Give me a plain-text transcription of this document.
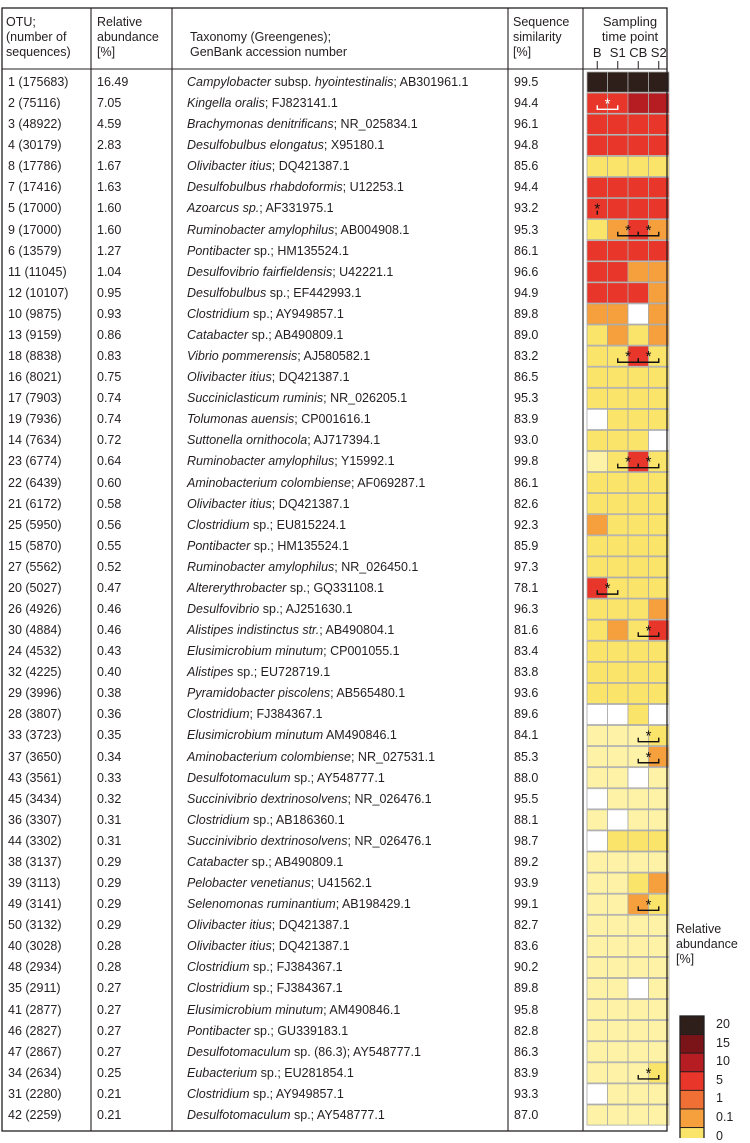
*
*
* *
* *
* *
*
*
*
*
*
*
OTU;
(number of
sequences)
Relative
abundance
[%]
Taxonomy (Greengenes);
GenBank accession number
Sequence
similarity
[%]
Sampling
time point
B S1 CB S2
1 (175683) 16.49	Campylobacter subsp. hyointestinalis; AB301961.1	99.5
2 (75116)	7.05	Kingella oralis; FJ823141.1	94.4
3 (48922)	4.59	Brachymonas denitrificans; NR_025834.1	96.1
4 (30179)	2.83	Desulfobulbus elongatus; X95180.1	94.8
8 (17786)	1.67	Olivibacter itius; DQ421387.1	85.6
7 (17416)	1.63	Desulfobulbus rhabdoformis; U12253.1	94.4
5 (17000)	1.60	Azoarcus sp.; AF331975.1	93.2
9 (17000)	1.60	Ruminobacter amylophilus; AB004908.1	95.3
6 (13579)	1.27	Pontibacter sp.; HM135524.1	86.1
11 (11045) 1.04	Desulfovibrio fairfieldensis; U42221.1	96.6
12 (10107) 0.95	Desulfobulbus sp.; EF442993.1	94.9
10 (9875)	0.93	Clostridium sp.; AY949857.1	89.8
13 (9159)	0.86	Catabacter sp.; AB490809.1	89.0
18 (8838)	0.83	Vibrio pommerensis; AJ580582.1	83.2
16 (8021)	0.75	Olivibacter itius; DQ421387.1	86.5
17 (7903)	0.74	Succiniclasticum ruminis; NR_026205.1	95.3
19 (7936)	0.74	Tolumonas auensis; CP001616.1	83.9
14 (7634)	0.72	Suttonella ornithocola; AJ717394.1	93.0
23 (6774)	0.64	Ruminobacter amylophilus; Y15992.1	99.8
22 (6439)	0.60	Aminobacterium colombiense; AF069287.1	86.1
21 (6172)	0.58	Olivibacter itius; DQ421387.1	82.6
25 (5950)	0.56	Clostridium sp.; EU815224.1	92.3
15 (5870)	0.55	Pontibacter sp.; HM135524.1	85.9
27 (5562)	0.52	Ruminobacter amylophilus; NR_026450.1	97.3
20 (5027)	0.47	Altererythrobacter sp.; GQ331108.1	78.1
26 (4926)	0.46	Desulfovibrio sp.; AJ251630.1	96.3
30 (4884)	0.46	Alistipes indistinctus str.; AB490804.1	81.6
24 (4532)	0.43	Elusimicrobium minutum; CP001055.1	83.4
32 (4225)	0.40	Alistipes sp.; EU728719.1	83.8
29 (3996)	0.38	Pyramidobacter piscolens; AB565480.1	93.6
28 (3807)	0.36	Clostridium; FJ384367.1	89.6
33 (3723)	0.35	Elusimicrobium minutum AM490846.1	84.1
37 (3650)	0.34	Aminobacterium colombiense; NR_027531.1	85.3
43 (3561)	0.33	Desulfotomaculum sp.; AY548777.1	88.0
45 (3434)	0.32	Succinivibrio dextrinosolvens; NR_026476.1	95.5
36 (3307)	0.31	Clostridium sp.; AB186360.1	88.1
44 (3302)	0.31	Succinivibrio dextrinosolvens; NR_026476.1	98.7
38 (3137)	0.29	Catabacter sp.; AB490809.1	89.2
39 (3113)	0.29	Pelobacter venetianus; U41562.1	93.9
49 (3141)	0.29	Selenomonas ruminantium; AB198429.1	99.1
50 (3132)	0.29	Olivibacter itius; DQ421387.1	82.7
40 (3028)	0.28	Olivibacter itius; DQ421387.1	83.6
48 (2934)	0.28	Clostridium sp.; FJ384367.1	90.2
35 (2911)	0.27	Clostridium sp.; FJ384367.1	89.8
41 (2877)	0.27	Elusimicrobium minutum; AM490846.1	95.8
46 (2827)	0.27	Pontibacter sp.; GU339183.1	82.8
47 (2867)	0.27	Desulfotomaculum sp. (86.3); AY548777.1	86.3
34 (2634)	0.25	Eubacterium sp.; EU281854.1	83.9
31 (2280)	0.21	Clostridium sp.; AY949857.1	93.3
42 (2259)	0.21	Desulfotomaculum sp.; AY548777.1	87.0
Relative
abundance
[%]
20
15
10
5
1
0.1
0
